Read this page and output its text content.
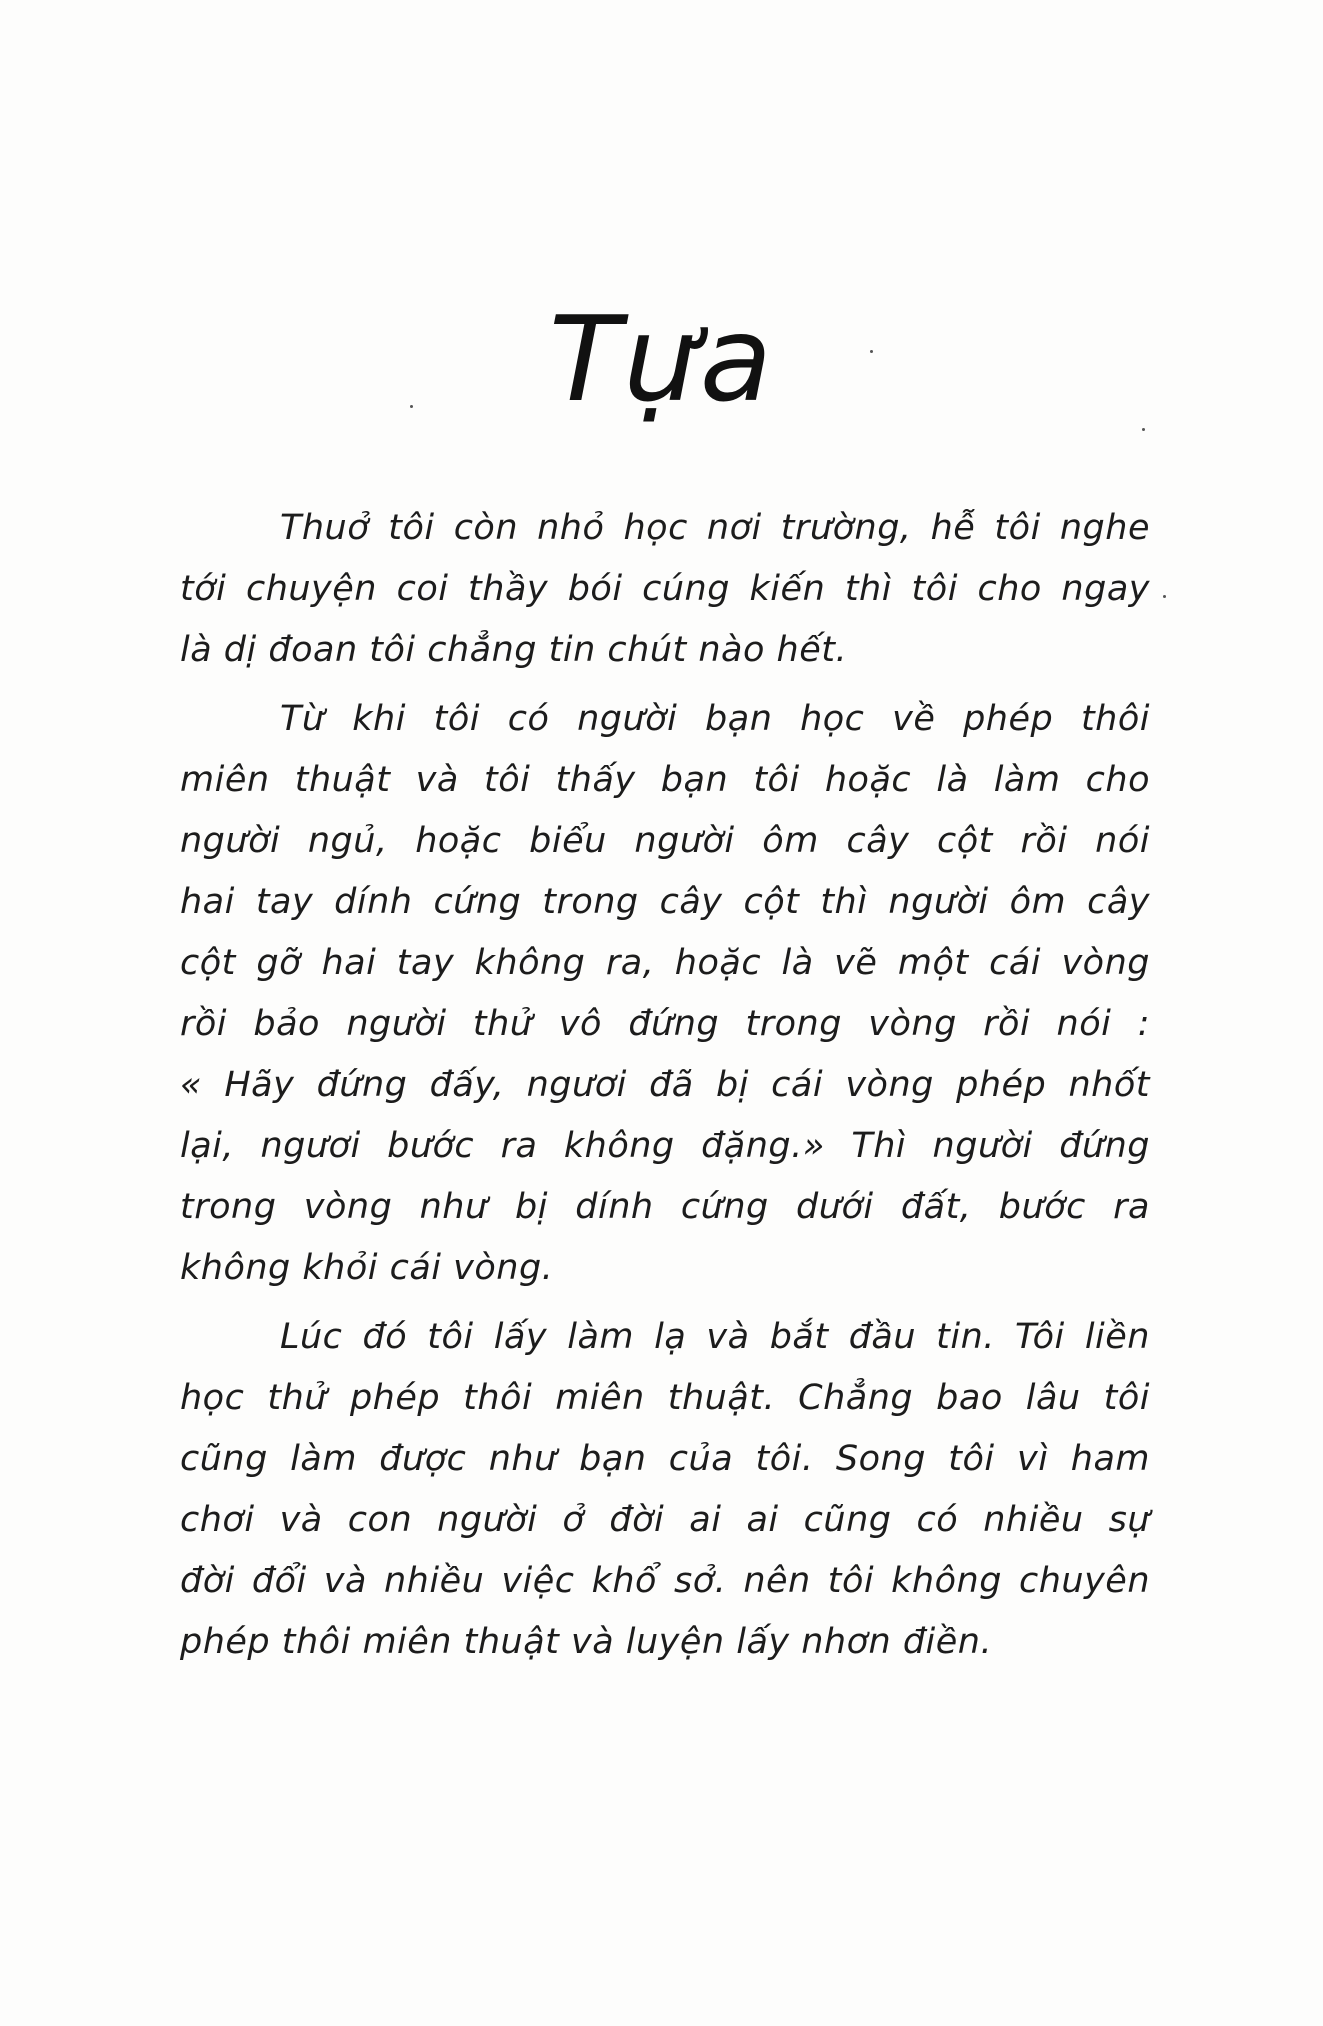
Tựa
Thuở tôi còn nhỏ học nơi trường, hễ tôi nghe
tới chuyện coi thầy bói cúng kiến thì tôi cho ngay
là dị đoan tôi chẳng tin chút nào hết.
Từ khi tôi có người bạn học về phép thôi
miên thuật và tôi thấy bạn tôi hoặc là làm cho
người ngủ, hoặc biểu người ôm cây cột rồi nói
hai tay dính cứng trong cây cột thì người ôm cây
cột gỡ hai tay không ra, hoặc là vẽ một cái vòng
rồi bảo người thử vô đứng trong vòng rồi nói :
« Hãy đứng đấy, ngươi đã bị cái vòng phép nhốt
lại, ngươi bước ra không đặng.» Thì người đứng
trong vòng như bị dính cứng dưới đất, bước ra
không khỏi cái vòng.
Lúc đó tôi lấy làm lạ và bắt đầu tin. Tôi liền
học thử phép thôi miên thuật. Chẳng bao lâu tôi
cũng làm được như bạn của tôi. Song tôi vì ham
chơi và con người ở đời ai ai cũng có nhiều sự
đời đổi và nhiều việc khổ sở. nên tôi không chuyên
phép thôi miên thuật và luyện lấy nhơn điền.
